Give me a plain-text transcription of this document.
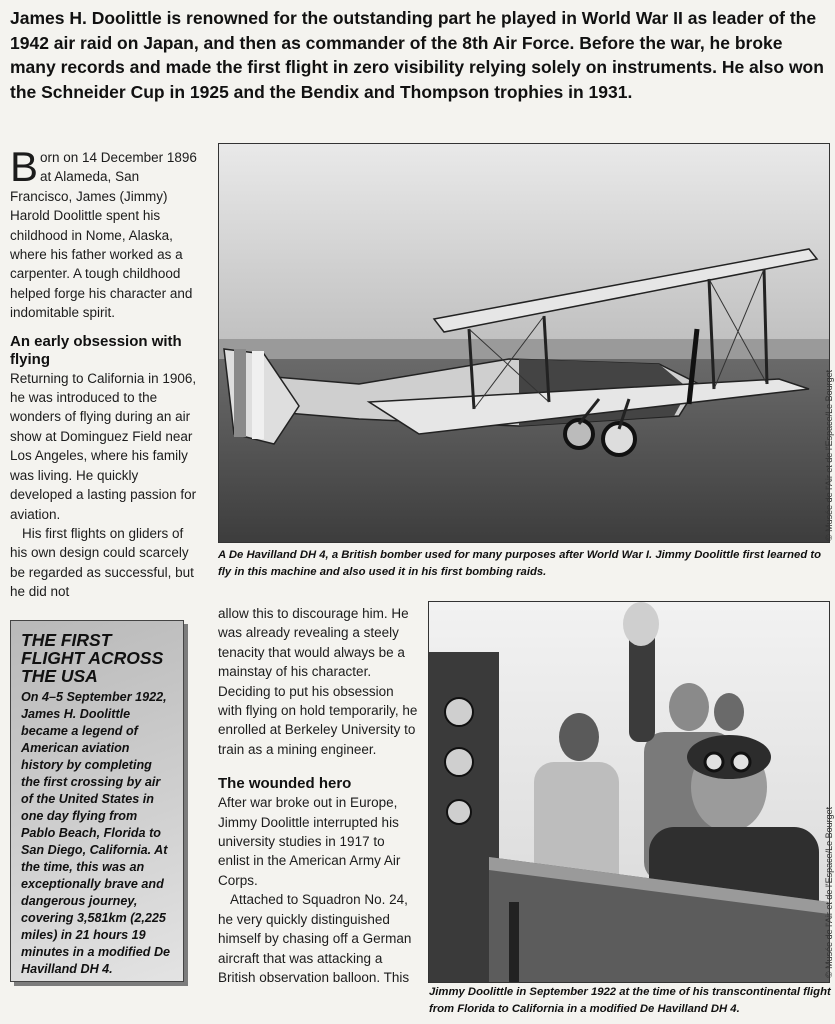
James H. Doolittle is renowned for the outstanding part he played in World War II as leader of the 1942 air raid on Japan, and then as commander of the 8th Air Force. Before the war, he broke many records and made the first flight in zero visibility relying solely on instruments. He also won the Schneider Cup in 1925 and the Bendix and Thompson trophies in 1931.

Born on 14 December 1896 at Alameda, San Francisco, James (Jimmy) Harold Doolittle spent his childhood in Nome, Alaska, where his father worked as a carpenter. A tough childhood helped forge his character and indomitable spirit.

An early obsession with flying

Returning to California in 1906, he was introduced to the wonders of flying during an air show at Dominguez Field near Los Angeles, where his family was living. He quickly developed a lasting passion for aviation.

His first flights on gliders of his own design could scarcely be regarded as successful, but he did not

© Musée de l'Air et de l'Espace/Le Bourget
A De Havilland DH 4, a British bomber used for many purposes after World War I. Jimmy Doolittle first learned to fly in this machine and also used it in his first bombing raids.
THE FIRST FLIGHT ACROSS THE USA

On 4–5 September 1922, James H. Doolittle became a legend of American aviation history by completing the first crossing by air of the United States in one day flying from Pablo Beach, Florida to San Diego, California. At the time, this was an exceptionally brave and dangerous journey, covering 3,581km (2,225 miles) in 21 hours 19 minutes in a modified De Havilland DH 4.

allow this to discourage him. He was already revealing a steely tenacity that would always be a mainstay of his character. Deciding to put his obsession with flying on hold temporarily, he enrolled at Berkeley University to train as a mining engineer.

The wounded hero

After war broke out in Europe, Jimmy Doolittle interrupted his university studies in 1917 to enlist in the American Army Air Corps.

Attached to Squadron No. 24, he very quickly distinguished himself by chasing off a German aircraft that was attacking a British observation balloon. This	© Musée de l'Air et de l'Espace/Le Bourget
Jimmy Doolittle in September 1922 at the time of his transcontinental flight from Florida to California in a modified De Havilland DH 4.
